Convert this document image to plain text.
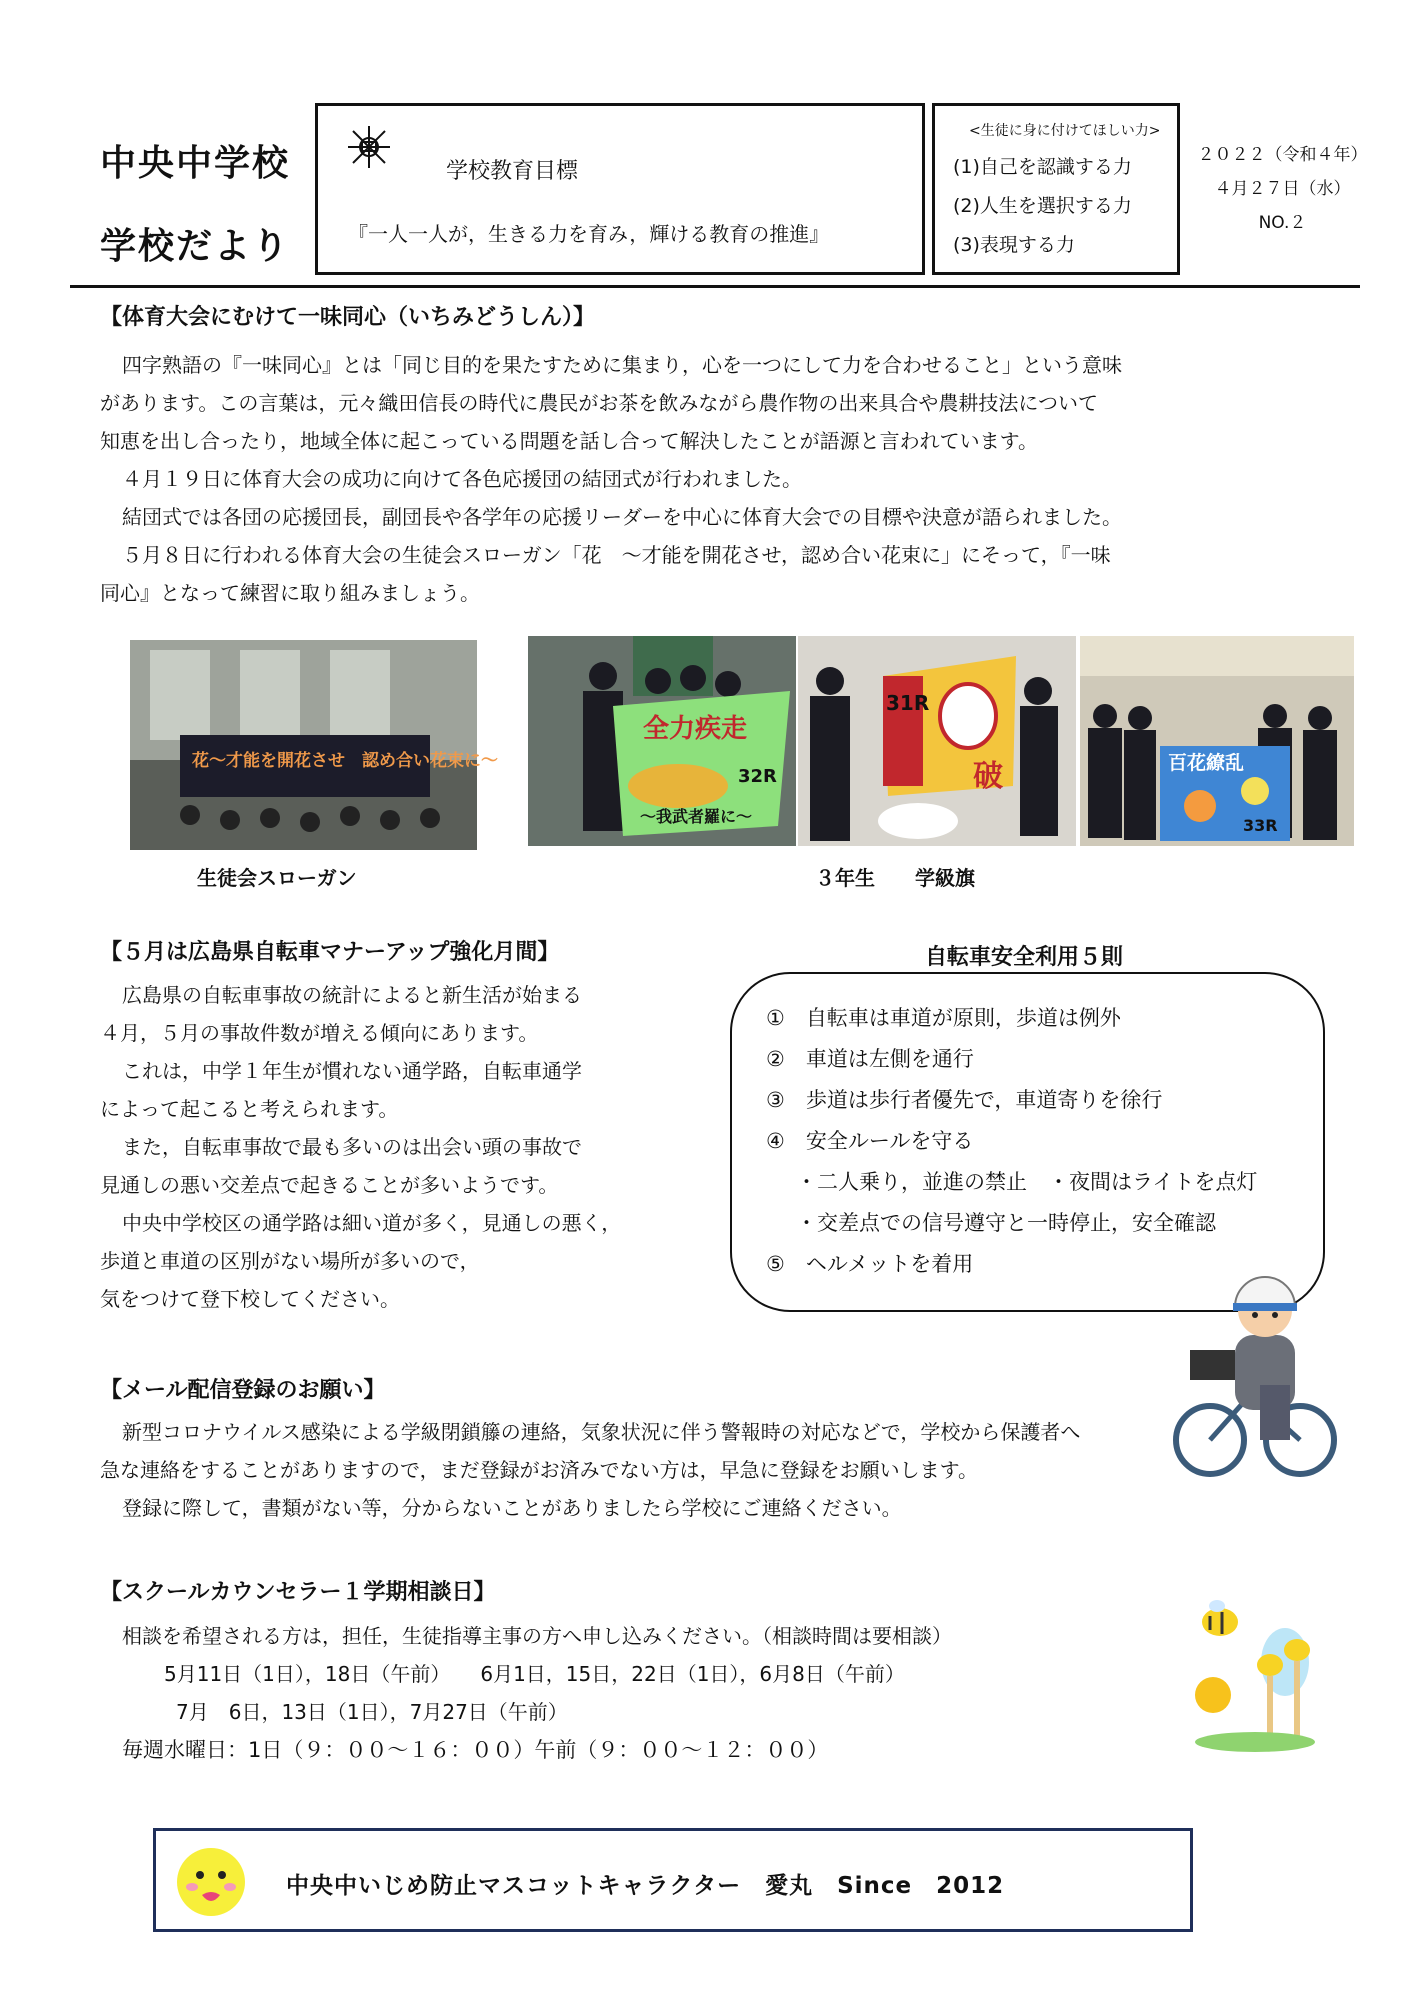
中央中学校
学校だより
学校教育目標
『一人一人が，生きる力を育み，輝ける教育の推進』
<生徒に身に付けてほしい力>
(1)自己を認識する力
(2)人生を選択する力
(3)表現する力
２０２２（令和４年）
４月２７日（水）
NO.２
【体育大会にむけて一味同心（いちみどうしん）】
四字熟語の『一味同心』とは「同じ目的を果たすために集まり，心を一つにして力を合わせること」という意味
があります。この言葉は，元々織田信長の時代に農民がお茶を飲みながら農作物の出来具合や農耕技法について
知恵を出し合ったり，地域全体に起こっている問題を話し合って解決したことが語源と言われています。
４月１９日に体育大会の成功に向けて各色応援団の結団式が行われました。
結団式では各団の応援団長，副団長や各学年の応援リーダーを中心に体育大会での目標や決意が語られました。
５月８日に行われる体育大会の生徒会スローガン「花　～才能を開花させ，認め合い花束に」にそって，『一味
同心』となって練習に取り組みましょう。
花～才能を開花させ　認め合い花束に～
全力疾走
32R
～我武者羅に～
31R
破	百花繚乱
33R
生徒会スローガン	３年生　　学級旗
【５月は広島県自転車マナーアップ強化月間】
広島県の自転車事故の統計によると新生活が始まる
４月，５月の事故件数が増える傾向にあります。
これは，中学１年生が慣れない通学路，自転車通学
によって起こると考えられます。
また，自転車事故で最も多いのは出会い頭の事故で
見通しの悪い交差点で起きることが多いようです。
中央中学校区の通学路は細い道が多く，見通しの悪く，
歩道と車道の区別がない場所が多いので，
気をつけて登下校してください。
自転車安全利用５則
①　自転車は車道が原則，歩道は例外
②　車道は左側を通行
③　歩道は歩行者優先で，車道寄りを徐行
④　安全ルールを守る
・二人乗り，並進の禁止　・夜間はライトを点灯
・交差点での信号遵守と一時停止，安全確認
⑤　ヘルメットを着用
【メール配信登録のお願い】
新型コロナウイルス感染による学級閉鎖籐の連絡，気象状況に伴う警報時の対応などで，学校から保護者へ
急な連絡をすることがありますので，まだ登録がお済みでない方は，早急に登録をお願いします。
登録に際して，書類がない等，分からないことがありましたら学校にご連絡ください。
【スクールカウンセラー１学期相談日】
相談を希望される方は，担任，生徒指導主事の方へ申し込みください。（相談時間は要相談）
5月11日（1日），18日（午前）　　6月1日，15日，22日（1日），6月8日（午前）
7月　6日，13日（1日），7月27日（午前）
毎週水曜日：1日（９：００～１６：００）午前（９：００～１２：００）
中央中いじめ防止マスコットキャラクター　愛丸　Since　2012
